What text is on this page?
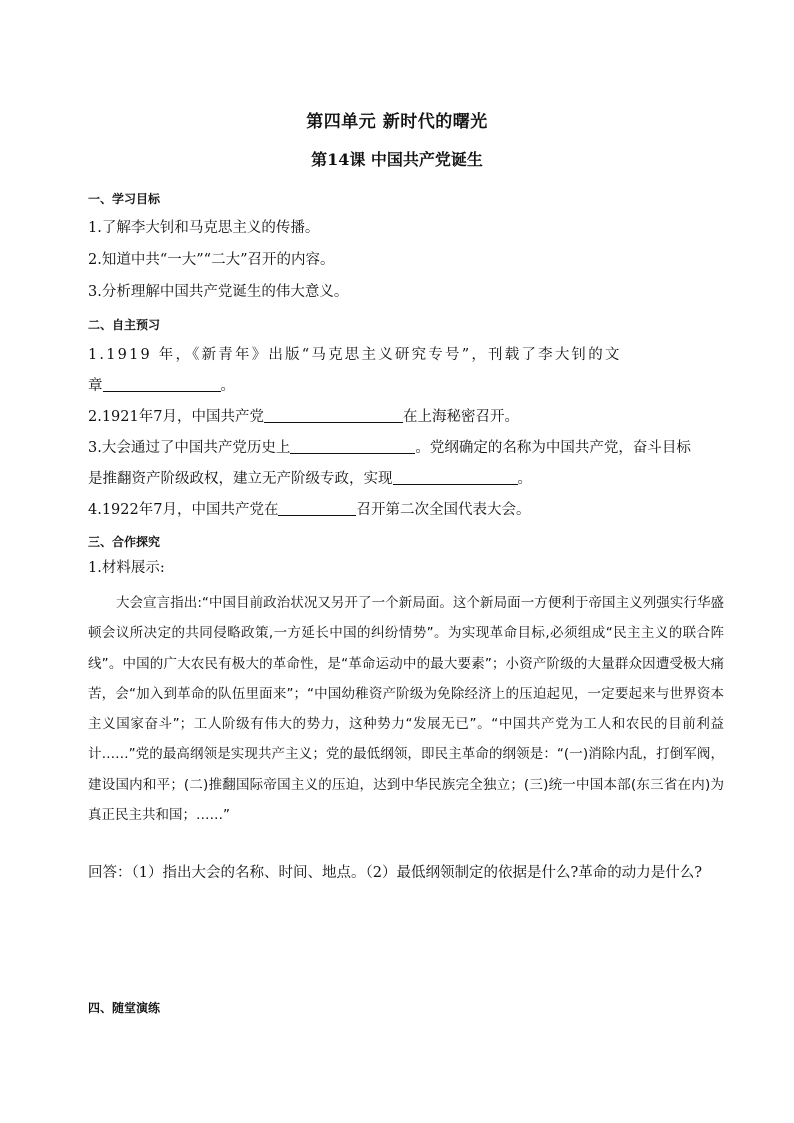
第四单元 新时代的曙光
第14课 中国共产党诞生
一、学习目标
1.了解李大钊和马克思主义的传播。
2.知道中共“一大”“二大”召开的内容。
3.分析理解中国共产党诞生的伟大意义。
二、自主预习
1.1919 年，《新青年》出版“马克思主义研究专号”，刊载了李大钊的文
章	。
2.1921年7月，中国共产党	在上海秘密召开。
3.大会通过了中国共产党历史上	。党纲确定的名称为中国共产党，奋斗目标
是推翻资产阶级政权，建立无产阶级专政，实现	。
4.1922年7月，中国共产党在	召开第二次全国代表大会。
三、合作探究
1.材料展示:
大会宣言指出:“中国目前政治状况又另开了一个新局面。这个新局面一方便利于帝国主义列强实行华盛顿会议所决定的共同侵略政策,一方延长中国的纠纷情势”。为实现革命目标,必须组成“民主主义的联合阵线”。中国的广大农民有极大的革命性，是“革命运动中的最大要素”；小资产阶级的大量群众因遭受极大痛苦，会“加入到革命的队伍里面来”；“中国幼稚资产阶级为免除经济上的压迫起见，一定要起来与世界资本主义国家奋斗”；工人阶级有伟大的势力，这种势力“发展无已”。“中国共产党为工人和农民的目前利益计……”党的最高纲领是实现共产主义；党的最低纲领，即民主革命的纲领是：“(一)消除内乱，打倒军阀，建设国内和平；(二)推翻国际帝国主义的压迫，达到中华民族完全独立；(三)统一中国本部(东三省在内)为真正民主共和国；……”
回答：（1）指出大会的名称、时间、地点。（2）最低纲领制定的依据是什么?革命的动力是什么?
四、随堂演练
